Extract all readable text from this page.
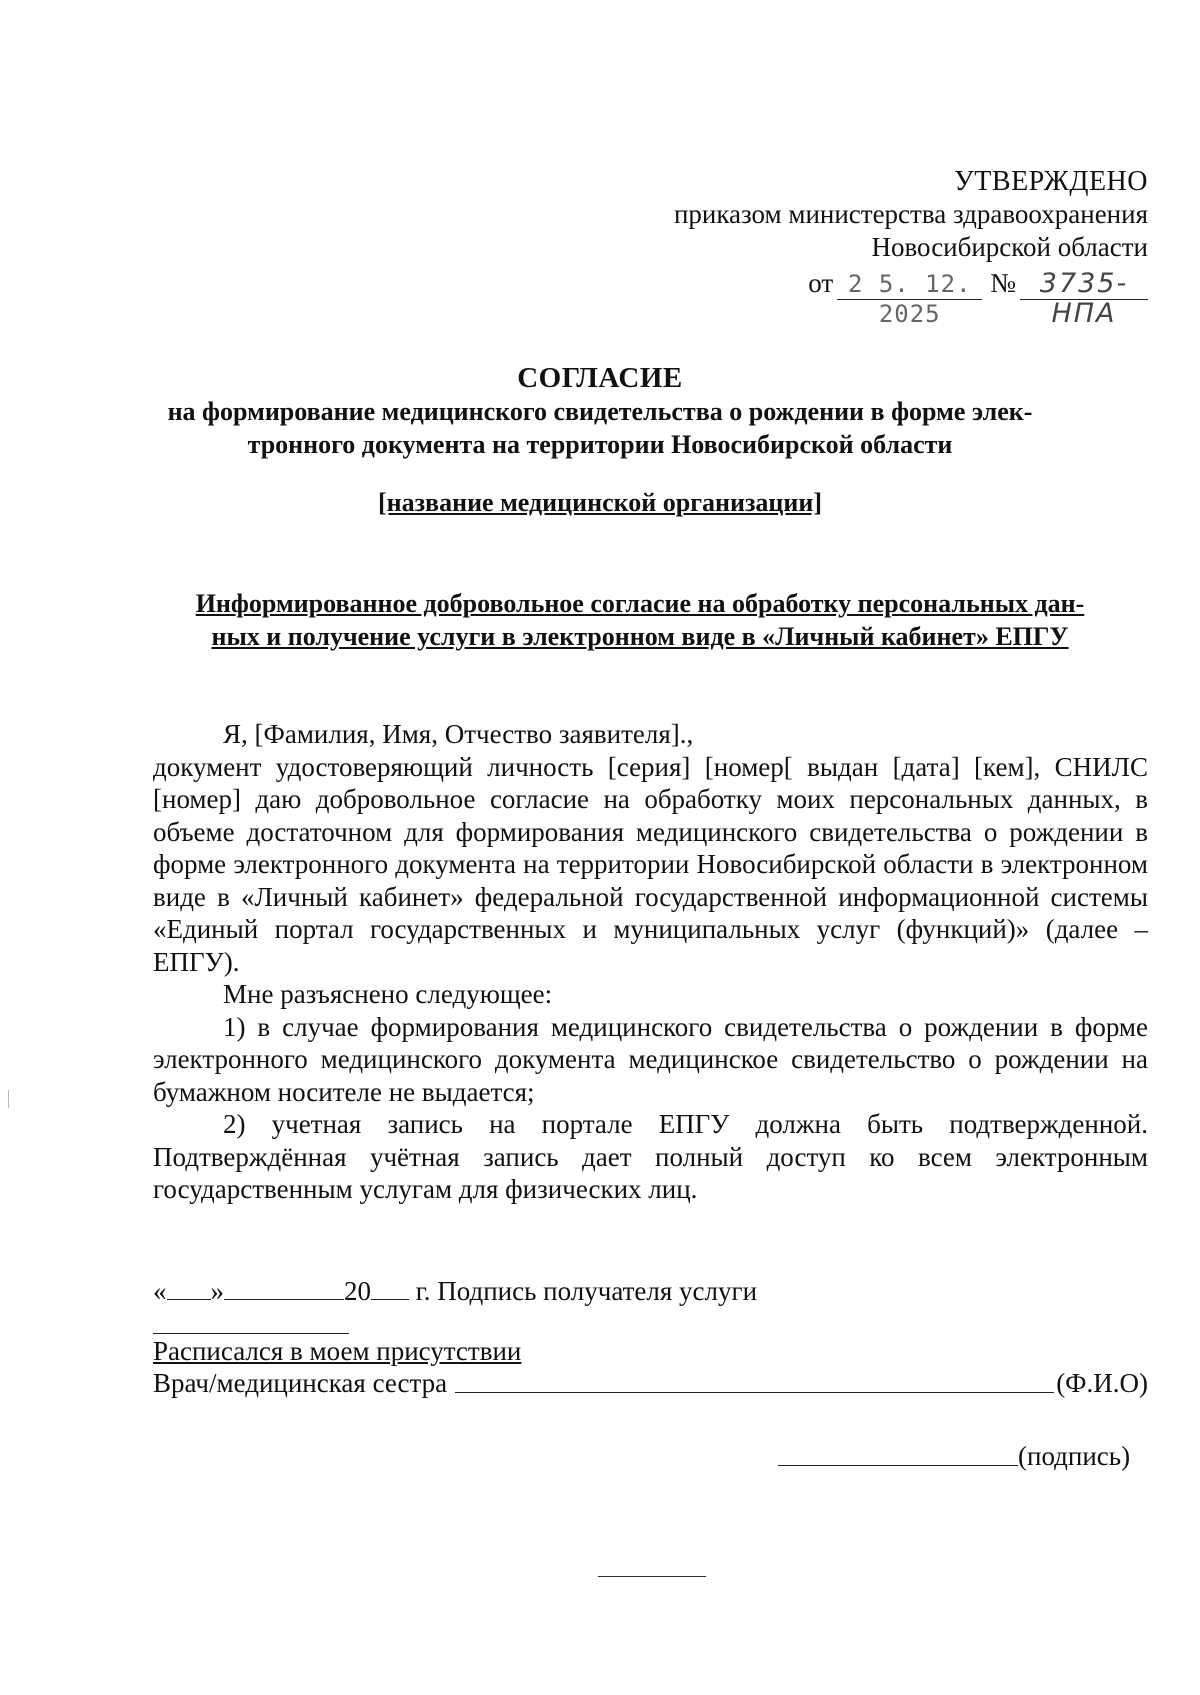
УТВЕРЖДЕНО
приказом министерства здравоохранения
Новосибирской области
от 2 5. 12. 2025
№ 3735-НПА
СОГЛАСИЕ
на формирование медицинского свидетельства о рождении в форме элек-
тронного документа на территории Новосибирской области
[название медицинской организации]
Информированное добровольное согласие на обработку персональных дан-
ных и получение услуги в электронном виде в «Личный кабинет» ЕПГУ

Я, [Фамилия, Имя, Отчество заявителя].,

документ удостоверяющий личность [серия] [номер[ выдан [дата] [кем], СНИЛС [номер] даю добровольное согласие на обработку моих персональных данных, в объеме достаточном для формирования медицинского свидетельства о рождении в форме электронного документа на территории Новосибирской области в электронном виде в «Личный кабинет» федеральной государственной информационной системы «Единый портал государственных и муниципальных услуг (функций)» (далее – ЕПГУ).

Мне разъяснено следующее:

1) в случае формирования медицинского свидетельства о рождении в форме электронного медицинского документа медицинское свидетельство о рождении на бумажном носителе не выдается;

2) учетная запись на портале ЕПГУ должна быть подтвержденной. Подтверждённая учётная запись дает полный доступ ко всем электронным государственным услугам для физических лиц.

« »	20 г. Подпись получателя услуги
Расписался в моем присутствии
Врач/медицинская сестра	(Ф.И.О)
(подпись)
